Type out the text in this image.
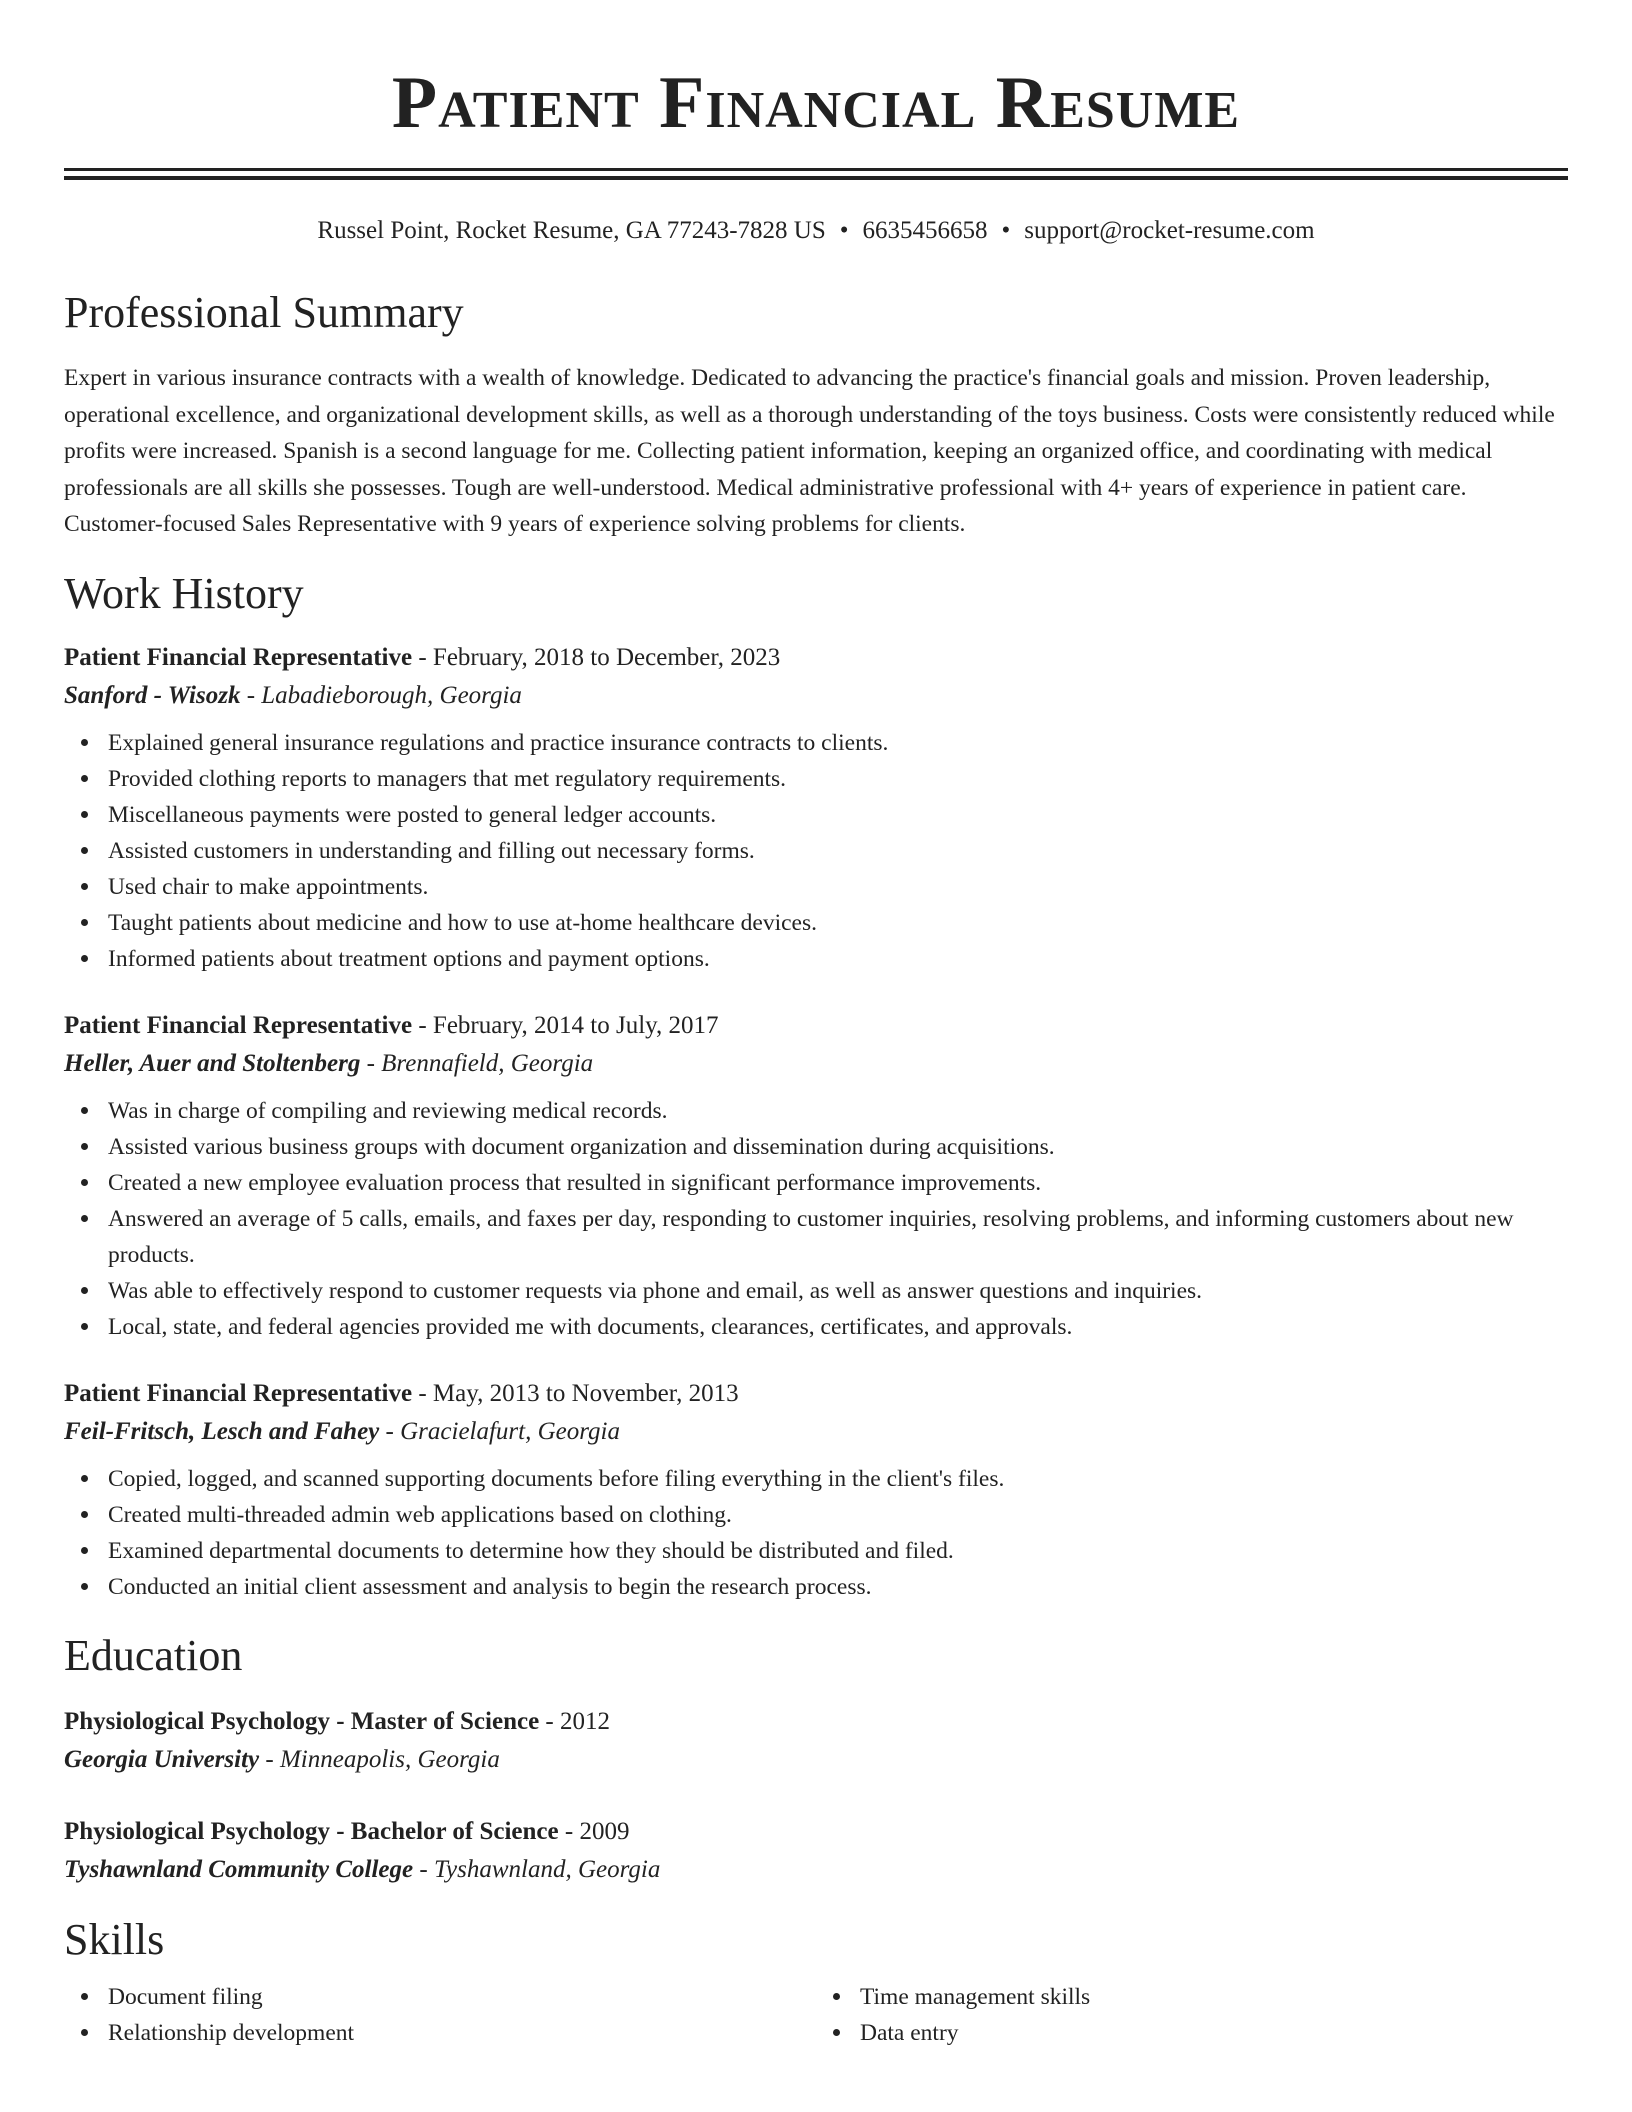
Patient Financial Resume
Russel Point, Rocket Resume, GA 77243-7828 US • 6635456658 • support@rocket-resume.com
Professional Summary

Expert in various insurance contracts with a wealth of knowledge. Dedicated to advancing the practice's financial goals and mission. Proven leadership, operational excellence, and organizational development skills, as well as a thorough understanding of the toys business. Costs were consistently reduced while profits were increased. Spanish is a second language for me. Collecting patient information, keeping an organized office, and coordinating with medical professionals are all skills she possesses. Tough are well-understood. Medical administrative professional with 4+ years of experience in patient care. Customer-focused Sales Representative with 9 years of experience solving problems for clients.

Work History
Patient Financial Representative - February, 2018 to December, 2023
Sanford - Wisozk - Labadieborough, Georgia
Explained general insurance regulations and practice insurance contracts to clients.
Provided clothing reports to managers that met regulatory requirements.
Miscellaneous payments were posted to general ledger accounts.
Assisted customers in understanding and filling out necessary forms.
Used chair to make appointments.
Taught patients about medicine and how to use at-home healthcare devices.
Informed patients about treatment options and payment options.
Patient Financial Representative - February, 2014 to July, 2017
Heller, Auer and Stoltenberg - Brennafield, Georgia
Was in charge of compiling and reviewing medical records.
Assisted various business groups with document organization and dissemination during acquisitions.
Created a new employee evaluation process that resulted in significant performance improvements.
Answered an average of 5 calls, emails, and faxes per day, responding to customer inquiries, resolving problems, and informing customers about new products.
Was able to effectively respond to customer requests via phone and email, as well as answer questions and inquiries.
Local, state, and federal agencies provided me with documents, clearances, certificates, and approvals.
Patient Financial Representative - May, 2013 to November, 2013
Feil-Fritsch, Lesch and Fahey - Gracielafurt, Georgia
Copied, logged, and scanned supporting documents before filing everything in the client's files.
Created multi-threaded admin web applications based on clothing.
Examined departmental documents to determine how they should be distributed and filed.
Conducted an initial client assessment and analysis to begin the research process.
Education
Physiological Psychology - Master of Science - 2012
Georgia University - Minneapolis, Georgia
Physiological Psychology - Bachelor of Science - 2009
Tyshawnland Community College - Tyshawnland, Georgia
Skills
Document filing
Relationship development
Time management skills
Data entry
